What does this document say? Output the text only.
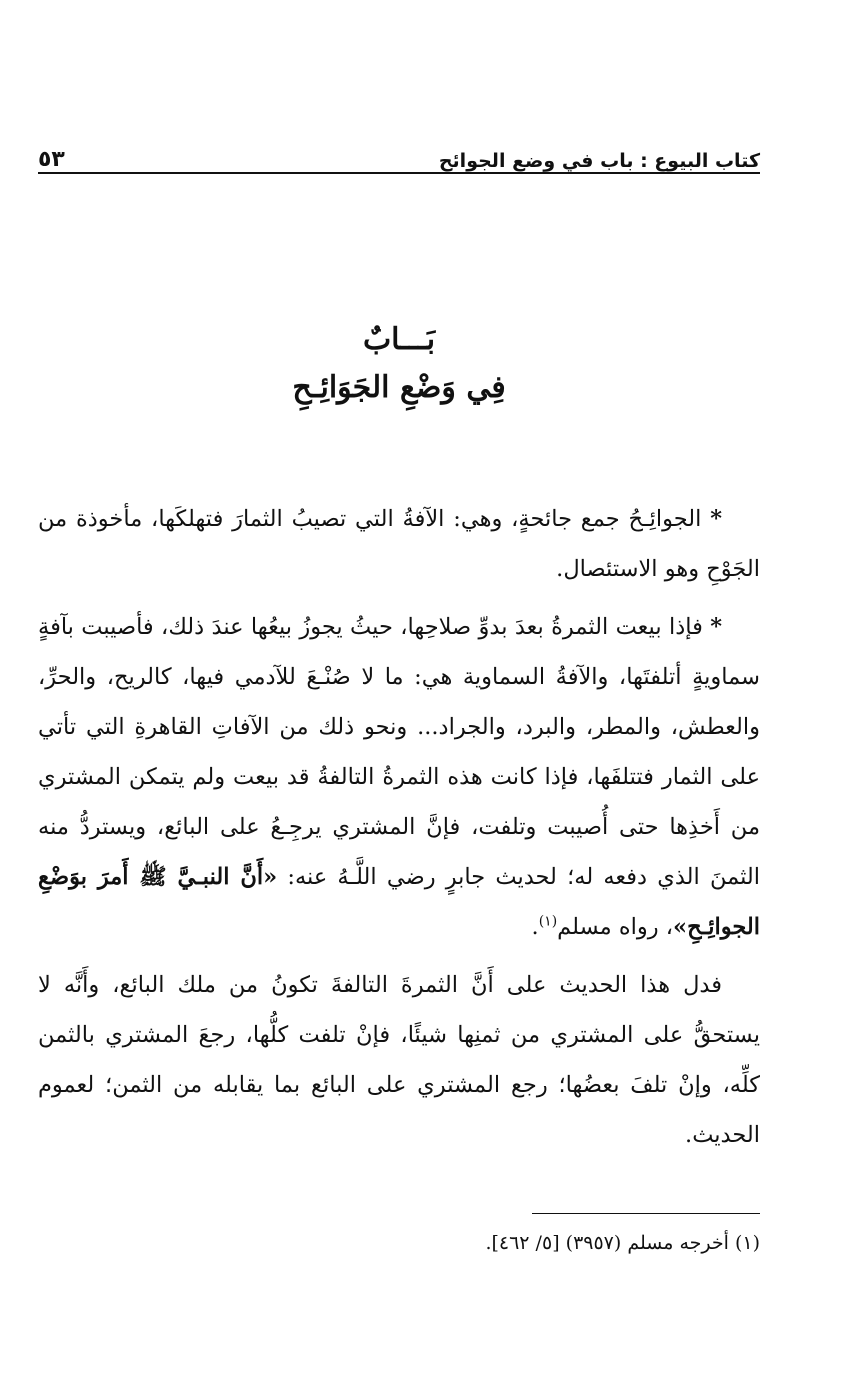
كتاب البيوع : باب في وضع الجوائح
٥٣
بَـــابٌ
فِي وَضْعِ الجَوَائِـحِ

* الجوائِـحُ جمع جائحةٍ، وهي: الآفةُ التي تصيبُ الثمارَ فتهلكَها، مأخوذة من الجَوْحِ وهو الاستئصال.

* فإذا بيعت الثمرةُ بعدَ بدوِّ صلاحِها، حيثُ يجوزُ بيعُها عندَ ذلك، فأصيبت بآفةٍ سماويةٍ أتلفتَها، والآفةُ السماوية هي: ما لا صُنْـعَ للآدمي فيها، كالريح، والحرِّ، والعطش، والمطر، والبرد، والجراد... ونحو ذلك من الآفاتِ القاهرةِ التي تأتي على الثمار فتتلفَها، فإذا كانت هذه الثمرةُ التالفةُ قد بيعت ولم يتمكن المشتري من أَخذِها حتى أُصيبت وتلفت، فإنَّ المشتري يرجِـعُ على البائع، ويستردُّ منه الثمنَ الذي دفعه له؛ لحديث جابرٍ رضي اللَّـهُ عنه: «أَنَّ النبـيَّ ﷺ أَمرَ بوَضْعِ الجوائِـحِ»، رواه مسلم$^{(١)}$.

فدل هذا الحديث على أَنَّ الثمرةَ التالفةَ تكونُ من ملك البائع، وأَنَّه لا يستحقُّ على المشتري من ثمنِها شيئًا، فإنْ تلفت كلُّها، رجعَ المشتري بالثمن كلِّه، وإنْ تلفَ بعضُها؛ رجع المشتري على البائع بما يقابله من الثمن؛ لعموم الحديث.

(١) أخرجه مسلم (٣٩٥٧) [٥/ ٤٦٢].
